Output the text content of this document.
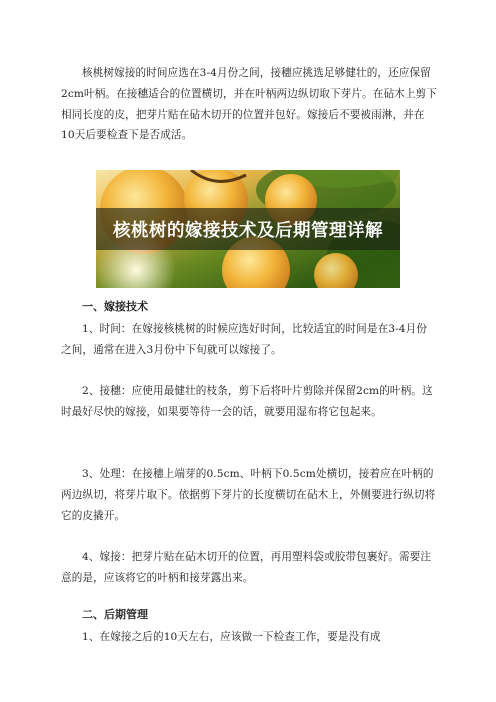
核桃树嫁接的时间应选在3-4月份之间，接穗应挑选足够健壮的，还应保留2cm叶柄。在接穗适合的位置横切，并在叶柄两边纵切取下芽片。在砧木上剪下相同长度的皮，把芽片贴在砧木切开的位置并包好。嫁接后不要被雨淋，并在10天后要检查下是否成活。

核桃树的嫁接技术及后期管理详解

一、嫁接技术

1、时间：在嫁接核桃树的时候应选好时间，比较适宜的时间是在3-4月份之间，通常在进入3月份中下旬就可以嫁接了。

2、接穗：应使用最健壮的枝条，剪下后将叶片剪除并保留2cm的叶柄。这时最好尽快的嫁接，如果要等待一会的话，就要用湿布将它包起来。

3、处理：在接穗上端芽的0.5cm、叶柄下0.5cm处横切，接着应在叶柄的两边纵切，将芽片取下。依据剪下芽片的长度横切在砧木上，外侧要进行纵切将它的皮撬开。

4、嫁接：把芽片贴在砧木切开的位置，再用塑料袋或胶带包裹好。需要注意的是，应该将它的叶柄和接芽露出来。

二、后期管理

1、在嫁接之后的10天左右，应该做一下检查工作，要是没有成
